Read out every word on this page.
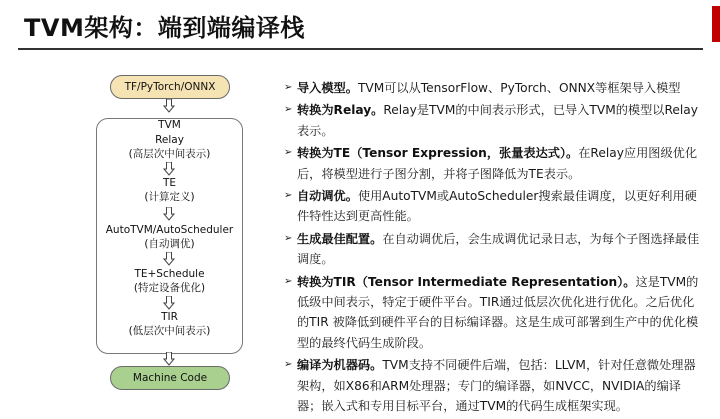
TVM架构：端到端编译栈
TF/PyTorch/ONNX
TVM
Relay
(高层次中间表示)
TE
(计算定义)
AutoTVM/AutoScheduler
(自动调优)
TE+Schedule
(特定设备优化)
TIR
(低层次中间表示)
Machine Code
➢ 导入模型。TVM可以从TensorFlow、PyTorch、ONNX等框架导入模型
➢ 转换为Relay。Relay是TVM的中间表示形式，已导入TVM的模型以Relay表示。
➢ 转换为TE（Tensor Expression，张量表达式）。在Relay应用图级优化后，将模型进行子图分割，并将子图降低为TE表示。
➢ 自动调优。使用AutoTVM或AutoScheduler搜索最佳调度，以更好利用硬件特性达到更高性能。
➢ 生成最佳配置。在自动调优后，会生成调优记录日志，为每个子图选择最佳调度。
➢ 转换为TIR（Tensor Intermediate Representation）。这是TVM的低级中间表示，特定于硬件平台。TIR通过低层次优化进行优化。之后优化的TIR 被降低到硬件平台的目标编译器。这是生成可部署到生产中的优化模型的最终代码生成阶段。
➢ 编译为机器码。TVM支持不同硬件后端，包括：LLVM，针对任意微处理器架构，如X86和ARM处理器；专门的编译器，如NVCC，NVIDIA的编译器；嵌入式和专用目标平台，通过TVM的代码生成框架实现。
